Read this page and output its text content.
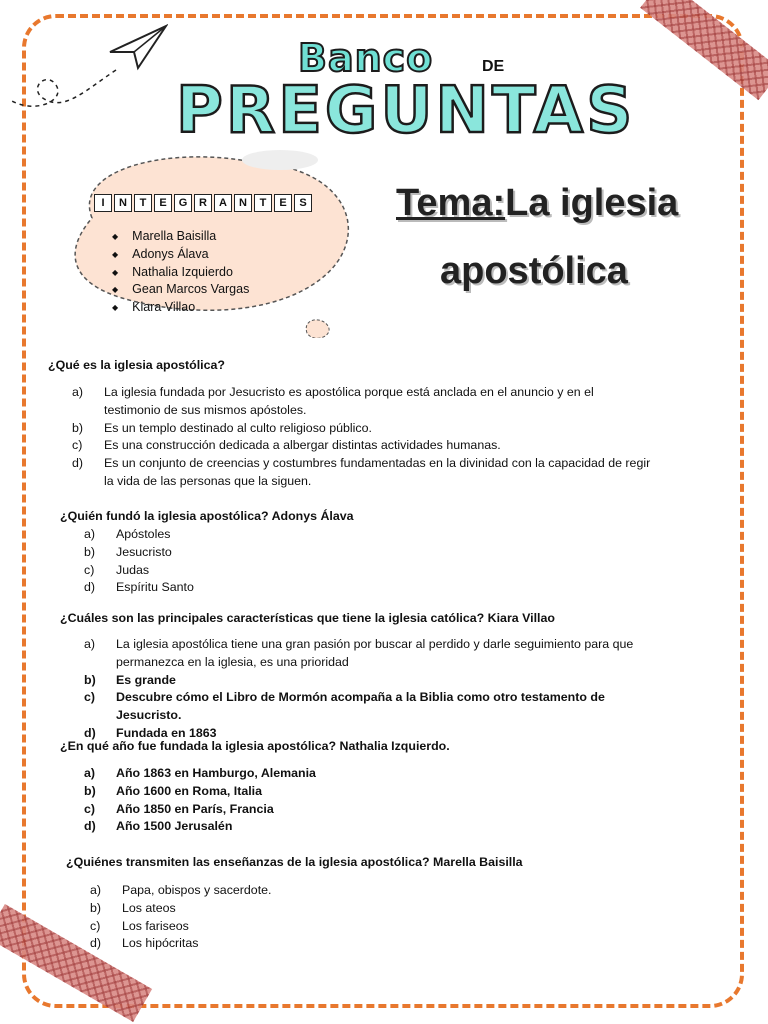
Banco	DE
PREGUNTAS
I	N	T	E	G	R	A	N	T	E	S
◆ Marella Baisilla
◆ Adonys Álava
◆ Nathalia Izquierdo
◆ Gean Marcos Vargas
◆ Kiara Villao
Tema:La iglesia
apostólica
¿Qué es la iglesia apostólica?
a) La iglesia fundada por Jesucristo es apostólica porque está anclada en el anuncio y en el testimonio de sus mismos apóstoles.
b) Es un templo destinado al culto religioso público.
c) Es una construcción dedicada a albergar distintas actividades humanas.
d) Es un conjunto de creencias y costumbres fundamentadas en la divinidad con la capacidad de regir la vida de las personas que la siguen.
¿Quién fundó la iglesia apostólica? Adonys Álava
a) Apóstoles
b) Jesucristo
c) Judas
d) Espíritu Santo
¿Cuáles son las principales características que tiene la iglesia católica? Kiara Villao
a) La iglesia apostólica tiene una gran pasión por buscar al perdido y darle seguimiento para que permanezca en la iglesia, es una prioridad
b) Es grande
c) Descubre cómo el Libro de Mormón acompaña a la Biblia como otro testamento de Jesucristo.
d) Fundada en 1863
¿En qué año fue fundada la iglesia apostólica? Nathalia Izquierdo.
a) Año 1863 en Hamburgo, Alemania
b) Año 1600 en Roma, Italia
c) Año 1850 en París, Francia
d) Año 1500 Jerusalén
¿Quiénes transmiten las enseñanzas de la iglesia apostólica? Marella Baisilla
a) Papa, obispos y sacerdote.
b) Los ateos
c) Los fariseos
d) Los hipócritas
